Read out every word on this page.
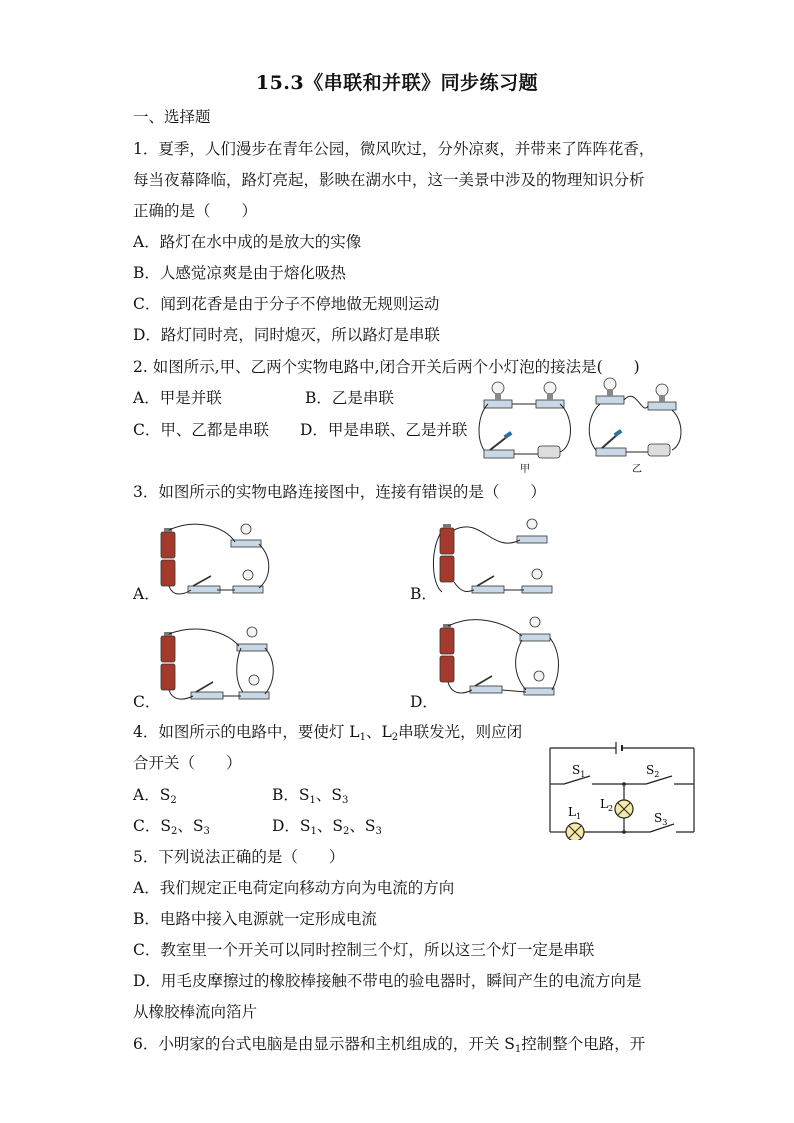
15.3《串联和并联》同步练习题
一、选择题
1．夏季，人们漫步在青年公园，微风吹过，分外凉爽，并带来了阵阵花香，
每当夜幕降临，路灯亮起，影映在湖水中，这一美景中涉及的物理知识分析
正确的是（　　）
A．路灯在水中成的是放大的实像
B．人感觉凉爽是由于熔化吸热
C．闻到花香是由于分子不停地做无规则运动
D．路灯同时亮，同时熄灭，所以路灯是串联
2. 如图所示,甲、乙两个实物电路中,闭合开关后两个小灯泡的接法是(　　)
A．甲是并联	B．乙是串联
C．甲、乙都是串联 D．甲是串联、乙是并联
甲	乙
3．如图所示的实物电路连接图中，连接有错误的是（　　）
A．	B．
C．	D．
4．如图所示的电路中，要使灯 $L_1$、$L_2$串联发光，则应闭
合开关（　　）
A．$S_2$	B．$S_1$、$S_3$
C．$S_2$、$S_3$	D．$S_1$、$S_2$、$S_3$
$S_1$	$S_2$
$S_3$
$L_1$
$L_2$
5．下列说法正确的是（　　）
A．我们规定正电荷定向移动方向为电流的方向
B．电路中接入电源就一定形成电流
C．教室里一个开关可以同时控制三个灯，所以这三个灯一定是串联
D．用毛皮摩擦过的橡胶棒接触不带电的验电器时，瞬间产生的电流方向是
从橡胶棒流向箔片
6．小明家的台式电脑是由显示器和主机组成的，开关 $S_1$控制整个电路，开
